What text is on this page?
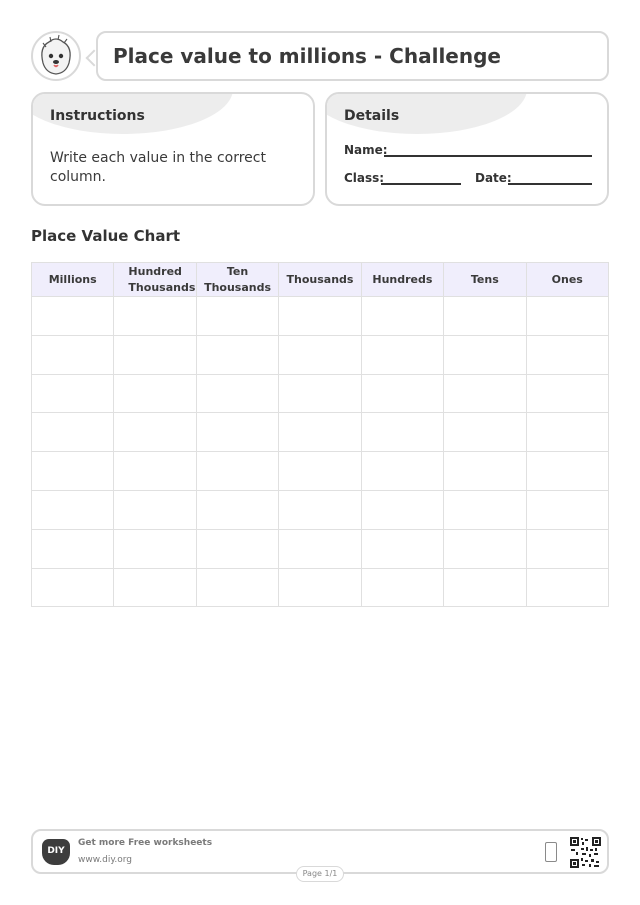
Place value to millions - Challenge
Instructions
Write each value in the correct column.
Details
Name:
Class:	Date:
Place Value Chart
Millions	Hundred Thousands	Ten Thousands	Thousands	Hundreds	Tens	Ones

DIY
Get more Free worksheets
www.diy.org
Page 1/1
